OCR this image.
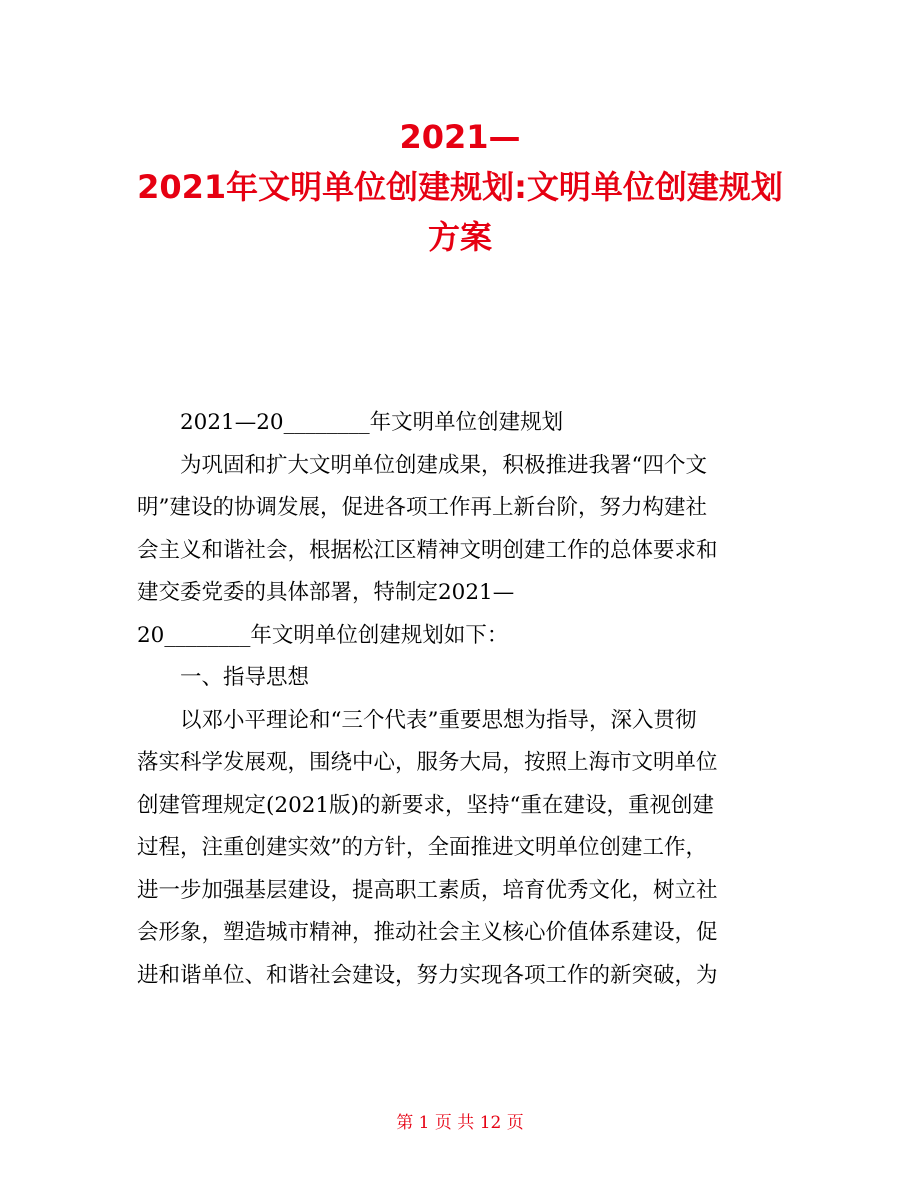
2021—
2021年文明单位创建规划:文明单位创建规划
方案

2021—20________年文明单位创建规划

为巩固和扩大文明单位创建成果，积极推进我署“四个文

明”建设的协调发展，促进各项工作再上新台阶，努力构建社

会主义和谐社会，根据松江区精神文明创建工作的总体要求和

建交委党委的具体部署，特制定2021—

20________年文明单位创建规划如下：

一、指导思想

以邓小平理论和“三个代表”重要思想为指导，深入贯彻

落实科学发展观，围绕中心，服务大局，按照上海市文明单位

创建管理规定(2021版)的新要求，坚持“重在建设，重视创建

过程，注重创建实效”的方针，全面推进文明单位创建工作，

进一步加强基层建设，提高职工素质，培育优秀文化，树立社

会形象，塑造城市精神，推动社会主义核心价值体系建设，促

进和谐单位、和谐社会建设，努力实现各项工作的新突破，为

第 1 页 共 12 页
